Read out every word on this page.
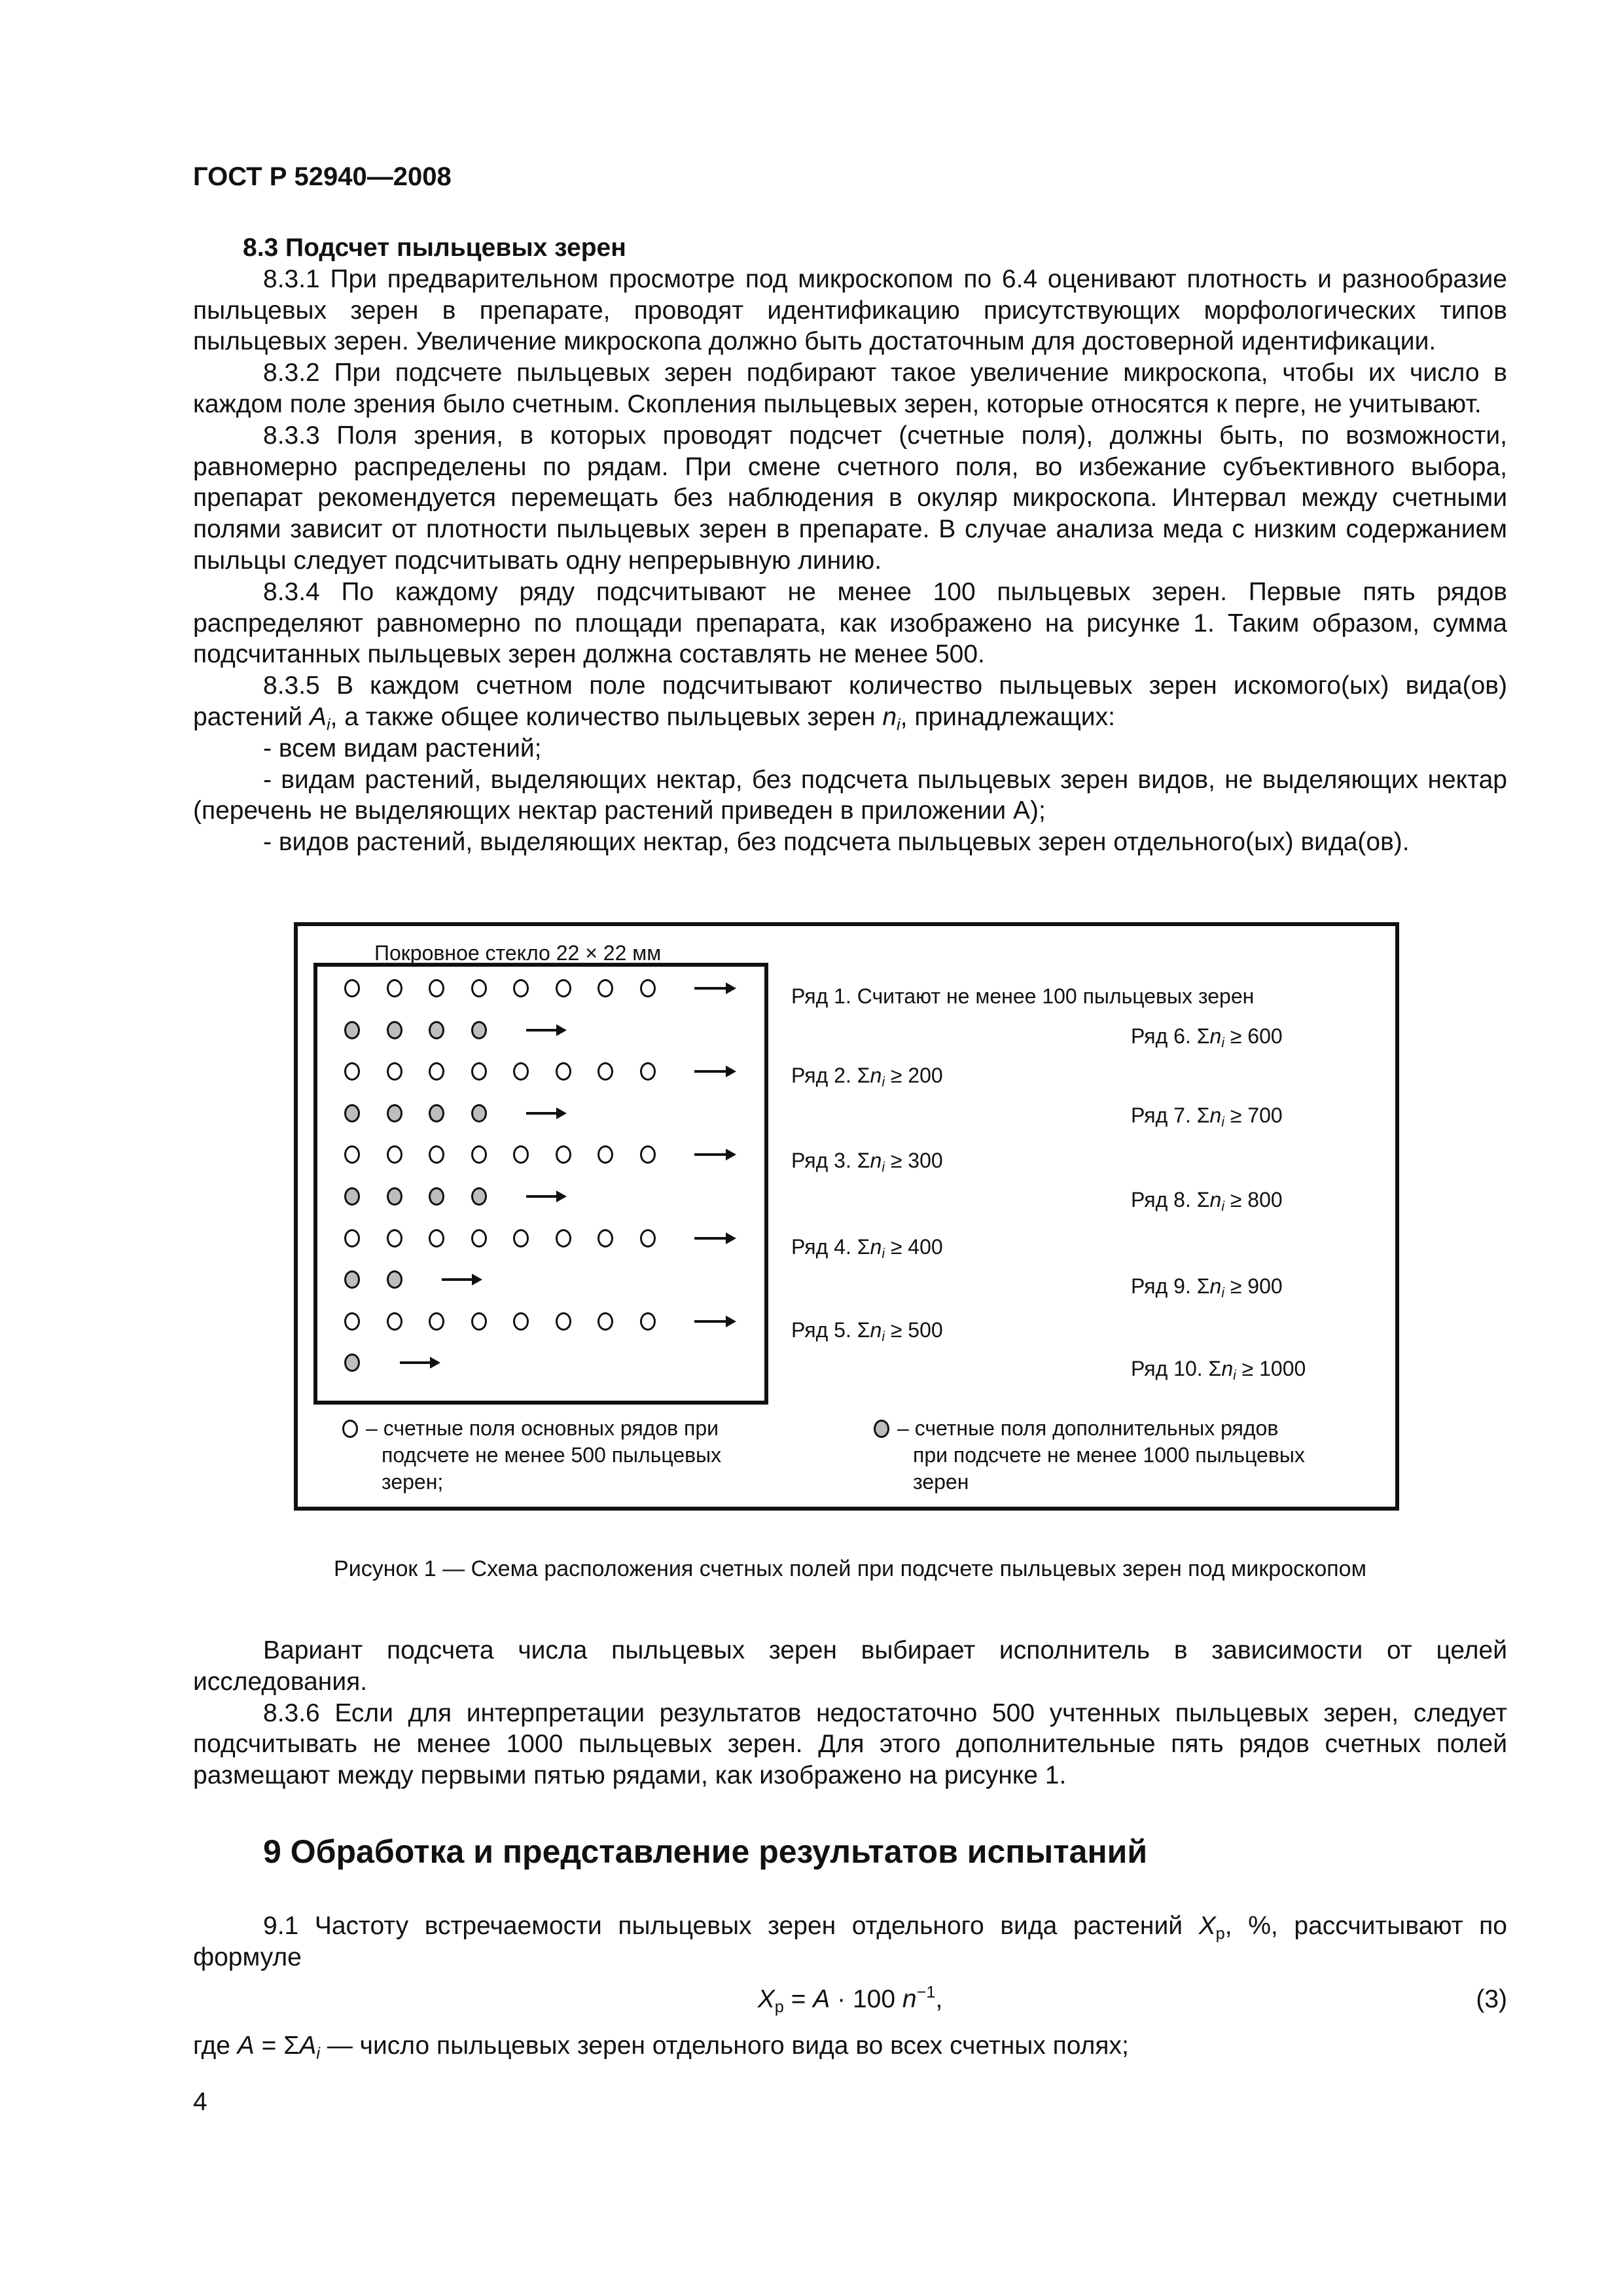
ГОСТ Р 52940—2008

8.3 Подсчет пыльцевых зерен

8.3.1 При предварительном просмотре под микроскопом по 6.4 оценивают плотность и разнообразие пыльцевых зерен в препарате, проводят идентификацию присутствующих морфологических типов пыльцевых зерен. Увеличение микроскопа должно быть достаточным для достоверной идентификации.

8.3.2 При подсчете пыльцевых зерен подбирают такое увеличение микроскопа, чтобы их число в каждом поле зрения было счетным. Скопления пыльцевых зерен, которые относятся к перге, не учитывают.

8.3.3 Поля зрения, в которых проводят подсчет (счетные поля), должны быть, по возможности, равномерно распределены по рядам. При смене счетного поля, во избежание субъективного выбора, препарат рекомендуется перемещать без наблюдения в окуляр микроскопа. Интервал между счетными полями зависит от плотности пыльцевых зерен в препарате. В случае анализа меда с низким содержанием пыльцы следует подсчитывать одну непрерывную линию.

8.3.4 По каждому ряду подсчитывают не менее 100 пыльцевых зерен. Первые пять рядов распределяют равномерно по площади препарата, как изображено на рисунке 1. Таким образом, сумма подсчитанных пыльцевых зерен должна составлять не менее 500.

8.3.5 В каждом счетном поле подсчитывают количество пыльцевых зерен искомого(ых) вида(ов) растений $A_i$, а также общее количество пыльцевых зерен $n_i$, принадлежащих:

- всем видам растений;

- видам растений, выделяющих нектар, без подсчета пыльцевых зерен видов, не выделяющих нектар (перечень не выделяющих нектар растений приведен в приложении А);

- видов растений, выделяющих нектар, без подсчета пыльцевых зерен отдельного(ых) вида(ов).

Покровное стекло 22 × 22 мм
Ряд 1. Считают не менее 100 пыльцевых зерен
Ряд 6. $\Sigma n_i \ge 600$
Ряд 2. $\Sigma n_i \ge 200$
Ряд 7. $\Sigma n_i \ge 700$
Ряд 3. $\Sigma n_i \ge 300$
Ряд 8. $\Sigma n_i \ge 800$
Ряд 4. $\Sigma n_i \ge 400$
Ряд 9. $\Sigma n_i \ge 900$
Ряд 5. $\Sigma n_i \ge 500$
Ряд 10. $\Sigma n_i \ge 1000$
– счетные поля основных рядов при
подсчете не менее 500 пыльцевых
зерен;
– счетные поля дополнительных рядов
при подсчете не менее 1000 пыльцевых
зерен
Рисунок 1 — Схема расположения счетных полей при подсчете пыльцевых зерен под микроскопом

Вариант подсчета числа пыльцевых зерен выбирает исполнитель в зависимости от целей исследования.

8.3.6 Если для интерпретации результатов недостаточно 500 учтенных пыльцевых зерен, следует подсчитывать не менее 1000 пыльцевых зерен. Для этого дополнительные пять рядов счетных полей размещают между первыми пятью рядами, как изображено на рисунке 1.

9 Обработка и представление результатов испытаний

9.1 Частоту встречаемости пыльцевых зерен отдельного вида растений $X_p$, %, рассчитывают по формуле

$X_p = A \cdot 100$ $n^{-1}$,	(3)

где $A = \Sigma A_i$ — число пыльцевых зерен отдельного вида во всех счетных полях;

4
